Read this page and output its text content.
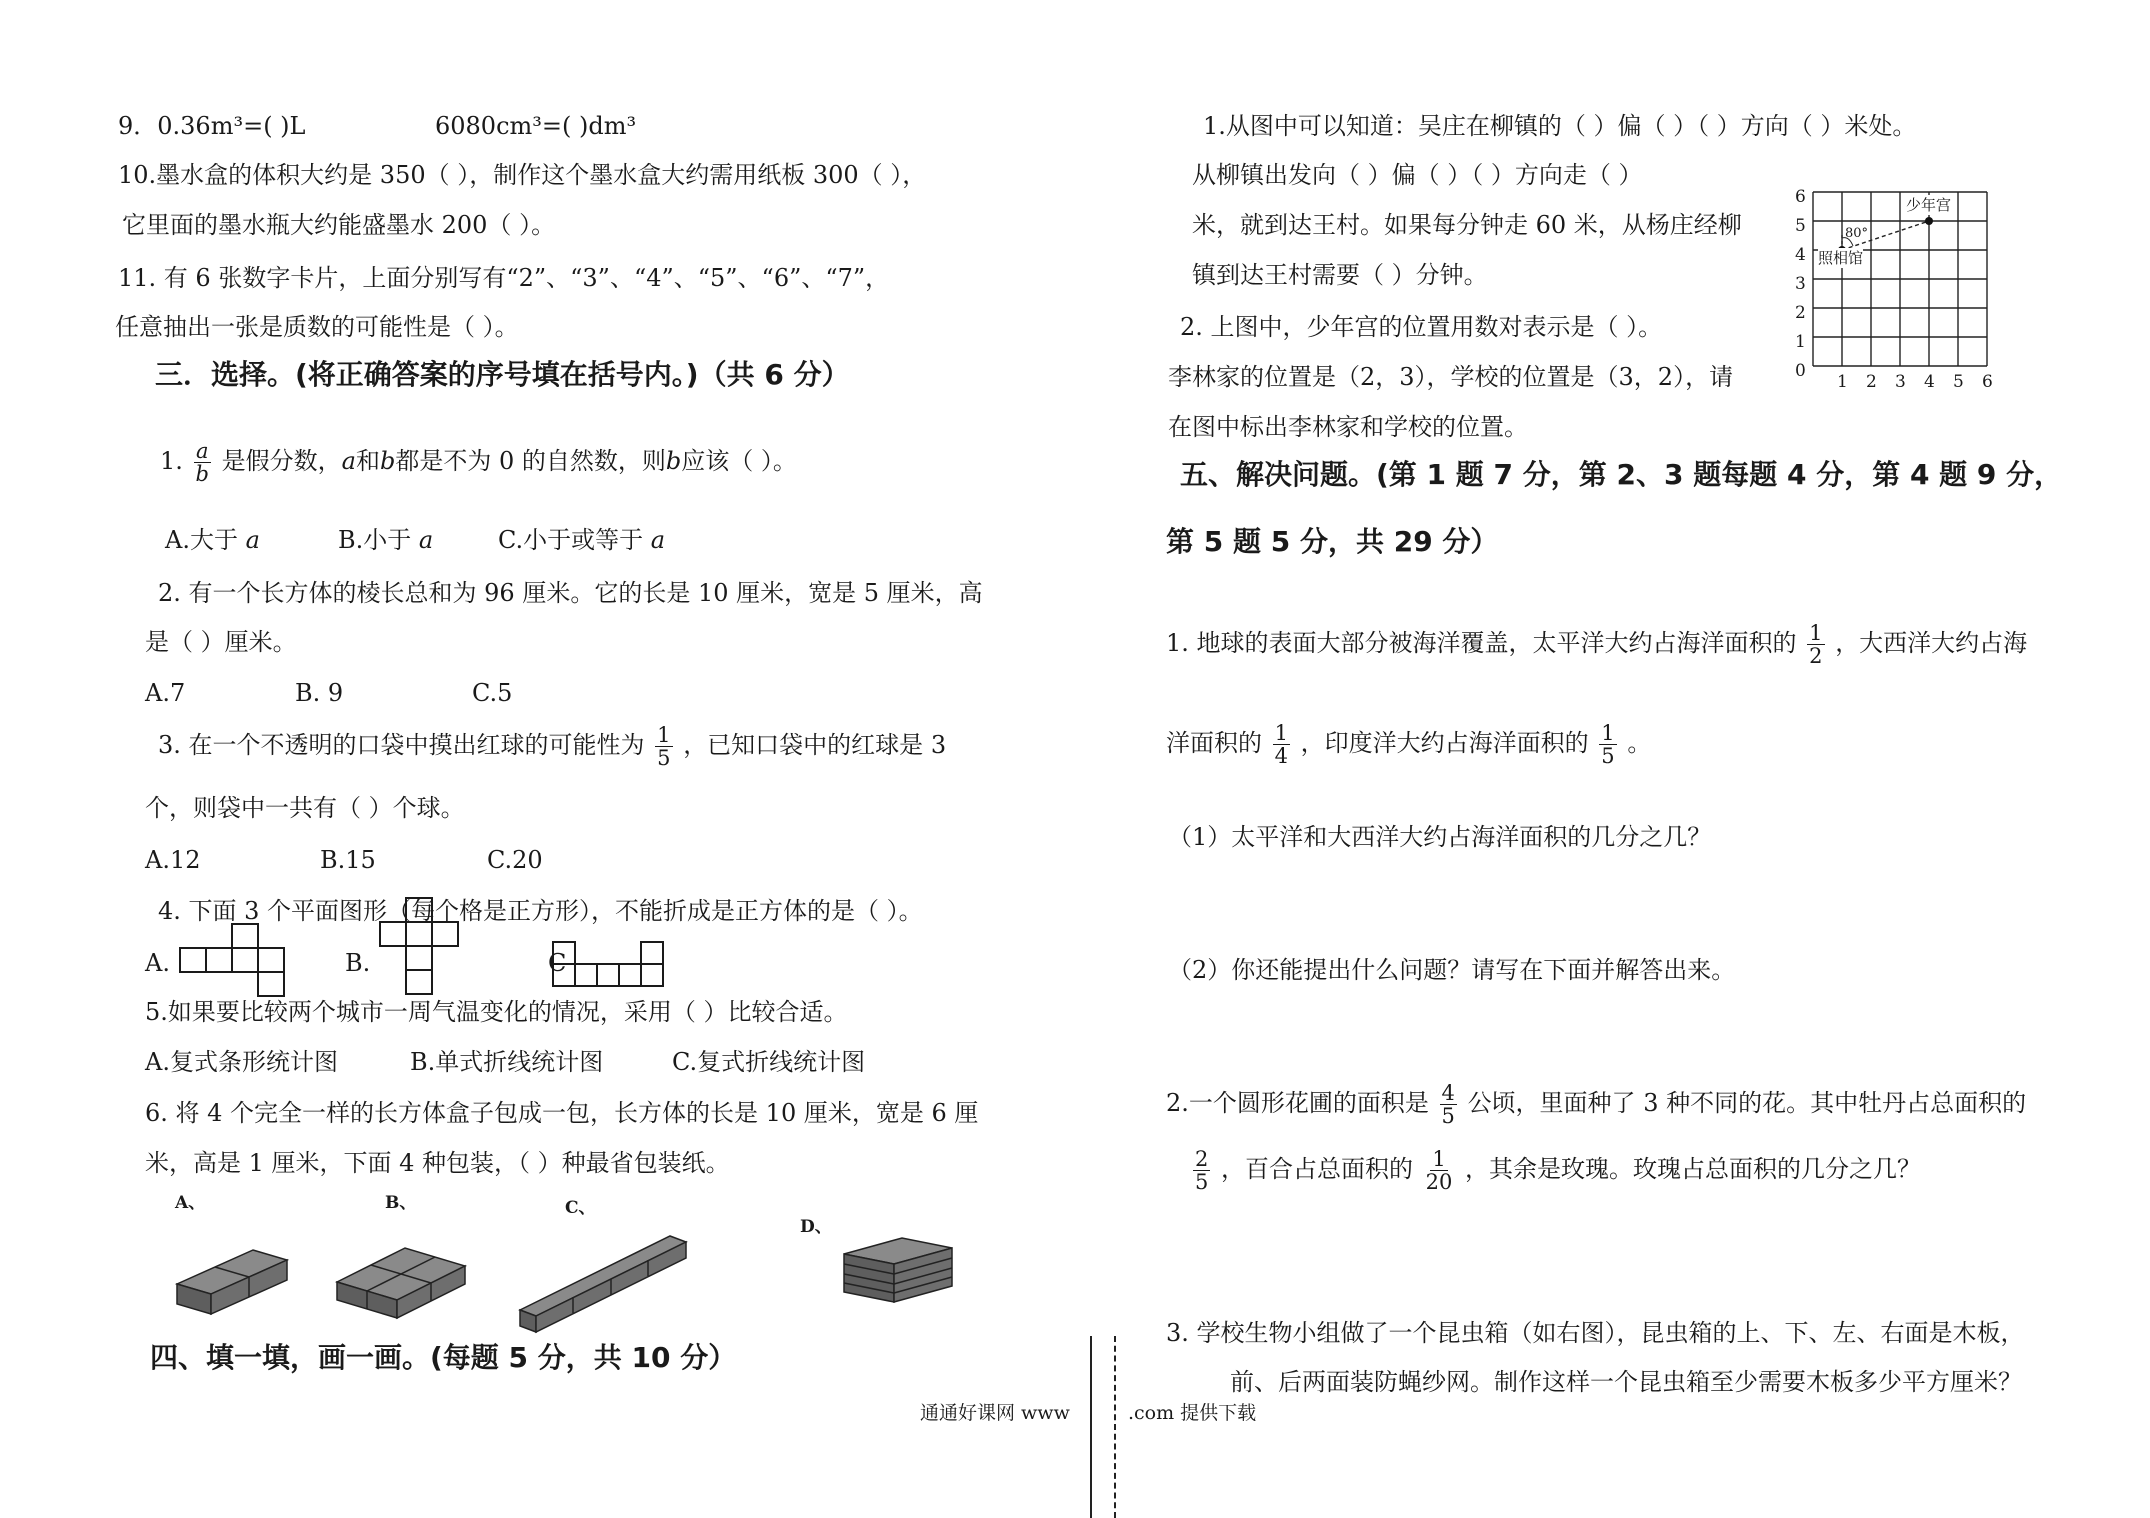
9．0.36m³=( )L	6080cm³=( )dm³
10.墨水盒的体积大约是 350（ ），制作这个墨水盒大约需用纸板 300（ ），
它里面的墨水瓶大约能盛墨水 200（ ）。
11. 有 6 张数字卡片，上面分别写有“2”、“3”、“4”、“5”、“6”、“7”，
任意抽出一张是质数的可能性是（ ）。
三．选择。(将正确答案的序号填在括号内。)（共 6 分）
1. $\frac{a}{b}$ 是假分数，a和b都是不为 0 的自然数，则b应该（ ）。
A.大于 a	B.小于 a	C.小于或等于 a
2. 有一个长方体的棱长总和为 96 厘米。它的长是 10 厘米，宽是 5 厘米，高
是（ ）厘米。
A.7	B. 9	C.5
3. 在一个不透明的口袋中摸出红球的可能性为 $\frac{1}{5}$ ，已知口袋中的红球是 3
个，则袋中一共有（ ）个球。
A.12	B.15	C.20
4. 下面 3 个平面图形（每个格是正方形），不能折成是正方体的是（ ）。
A.	B.	C
5.如果要比较两个城市一周气温变化的情况，采用（ ）比较合适。
A.复式条形统计图	B.单式折线统计图	C.复式折线统计图
6. 将 4 个完全一样的长方体盒子包成一包，长方体的长是 10 厘米，宽是 6 厘
米，高是 1 厘米，下面 4 种包装，（ ）种最省包装纸。
A、	B、	C、
D、
四、填一填，画一画。(每题 5 分，共 10 分）
通通好课网 www	.com 提供下载
1.从图中可以知道：吴庄在柳镇的（ ）偏（ ）（ ）方向（ ）米处。
从柳镇出发向（ ）偏（ ）（ ）方向走（ ）
米，就到达王村。如果每分钟走 60 米，从杨庄经柳
镇到达王村需要（ ）分钟。
2. 上图中，少年宫的位置用数对表示是（ ）。
李林家的位置是（2，3），学校的位置是（3，2），请
在图中标出李林家和学校的位置。
6
5
4
3
2
1
0
1 2 3 4 5 6
照相馆
少年宫
80°
五、解决问题。(第 1 题 7 分，第 2、3 题每题 4 分，第 4 题 9 分，
第 5 题 5 分，共 29 分）
1. 地球的表面大部分被海洋覆盖，太平洋大约占海洋面积的 $\frac{1}{2}$ ，大西洋大约占海
洋面积的 $\frac{1}{4}$ ，印度洋大约占海洋面积的 $\frac{1}{5}$ 。
（1）太平洋和大西洋大约占海洋面积的几分之几？
（2）你还能提出什么问题？请写在下面并解答出来。
2.一个圆形花圃的面积是 $\frac{4}{5}$ 公顷，里面种了 3 种不同的花。其中牡丹占总面积的
$\frac{2}{5}$ ，百合占总面积的 $\frac{1}{20}$ ，其余是玫瑰。玫瑰占总面积的几分之几？
3. 学校生物小组做了一个昆虫箱（如右图），昆虫箱的上、下、左、右面是木板，
前、后两面装防蝇纱网。制作这样一个昆虫箱至少需要木板多少平方厘米？
